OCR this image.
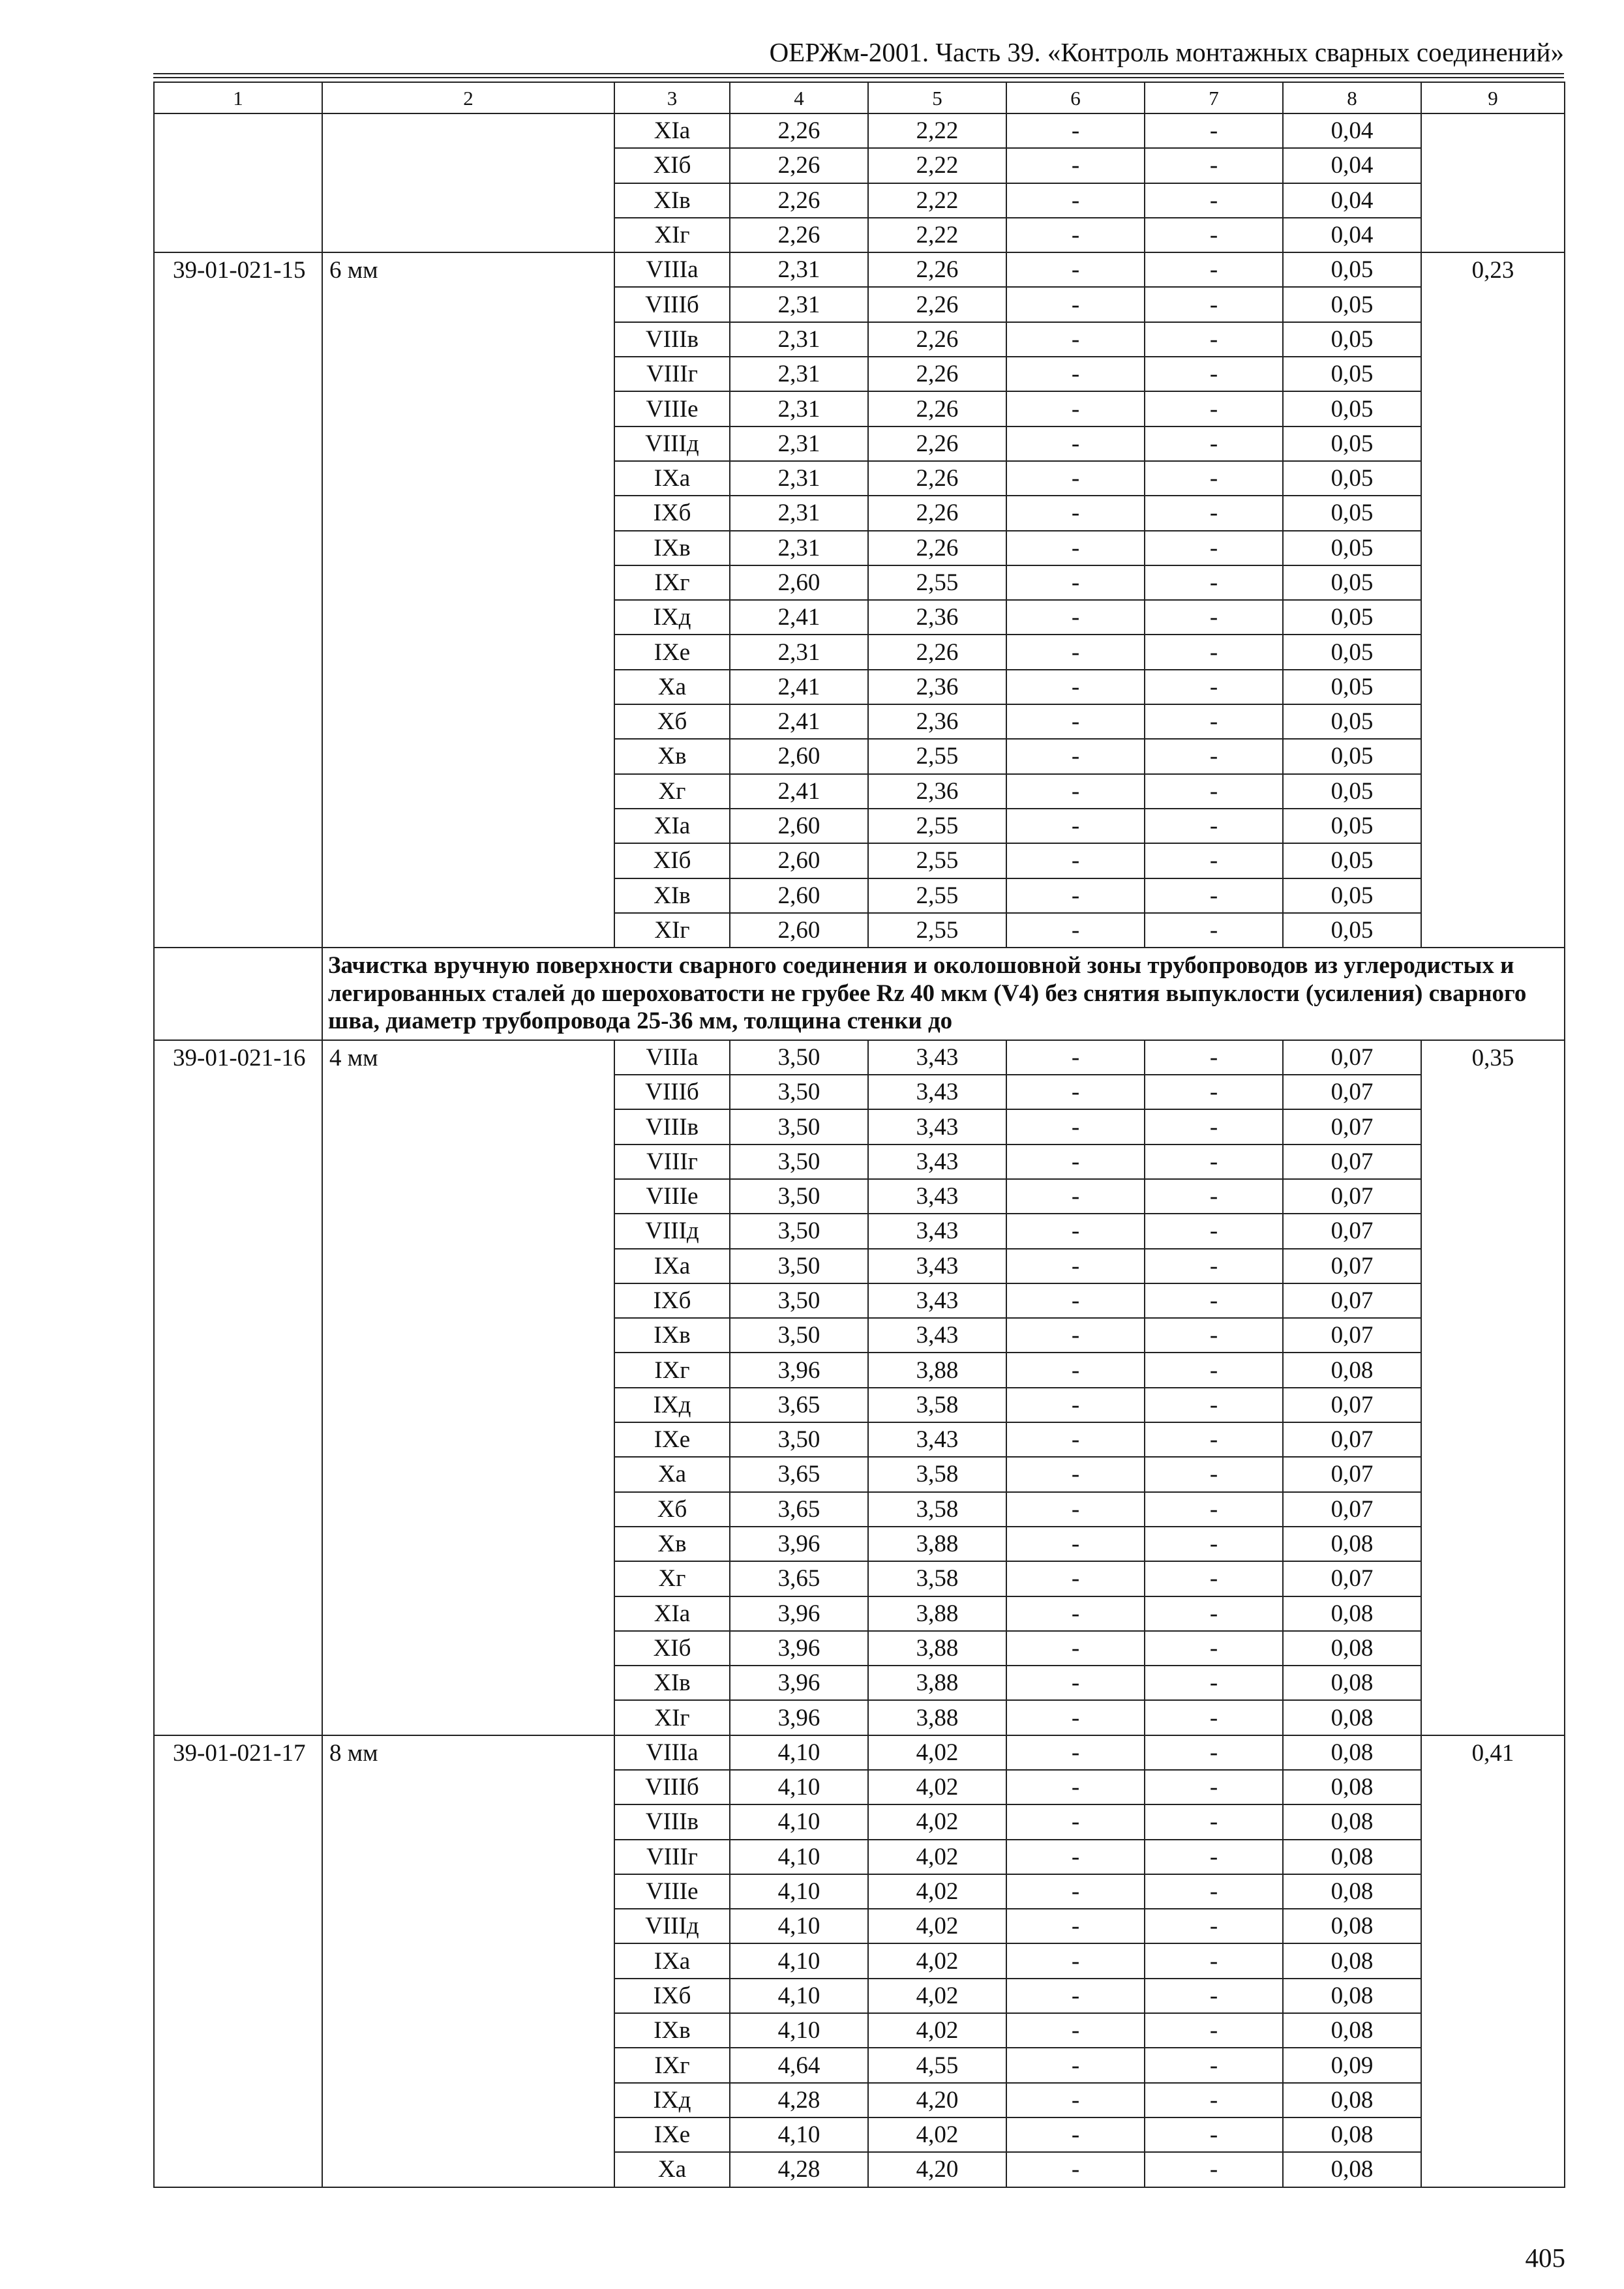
ОЕРЖм-2001. Часть 39. «Контроль монтажных сварных соединений»
1	2	3	4	5	6	7	8	9
		XIa	2,26	2,22	-	-	0,04	
		XIб	2,26	2,22	-	-	0,04	
		XIв	2,26	2,22	-	-	0,04	
		XIг	2,26	2,22	-	-	0,04	
39-01-021-15	6 мм	VIIIa	2,31	2,26	-	-	0,05	0,23
		VIIIб	2,31	2,26	-	-	0,05	
		VIIIв	2,31	2,26	-	-	0,05	
		VIIIг	2,31	2,26	-	-	0,05	
		VIIIe	2,31	2,26	-	-	0,05	
		VIIIд	2,31	2,26	-	-	0,05	
		IXa	2,31	2,26	-	-	0,05	
		IXб	2,31	2,26	-	-	0,05	
		IXв	2,31	2,26	-	-	0,05	
		IXг	2,60	2,55	-	-	0,05	
		IXд	2,41	2,36	-	-	0,05	
		IXe	2,31	2,26	-	-	0,05	
		Xa	2,41	2,36	-	-	0,05	
		Xб	2,41	2,36	-	-	0,05	
		Xв	2,60	2,55	-	-	0,05	
		Xг	2,41	2,36	-	-	0,05	
		XIa	2,60	2,55	-	-	0,05	
		XIб	2,60	2,55	-	-	0,05	
		XIв	2,60	2,55	-	-	0,05	
		XIг	2,60	2,55	-	-	0,05	
	Зачистка вручную поверхности сварного соединения и околошовной зоны трубопроводов из углеродистых и легированных сталей до шероховатости не грубее Rz 40 мкм (V4) без снятия выпуклости (усиления) сварного шва, диаметр трубопровода 25-36 мм, толщина стенки до							
39-01-021-16	4 мм	VIIIa	3,50	3,43	-	-	0,07	0,35
		VIIIб	3,50	3,43	-	-	0,07	
		VIIIв	3,50	3,43	-	-	0,07	
		VIIIг	3,50	3,43	-	-	0,07	
		VIIIe	3,50	3,43	-	-	0,07	
		VIIIд	3,50	3,43	-	-	0,07	
		IXa	3,50	3,43	-	-	0,07	
		IXб	3,50	3,43	-	-	0,07	
		IXв	3,50	3,43	-	-	0,07	
		IXг	3,96	3,88	-	-	0,08	
		IXд	3,65	3,58	-	-	0,07	
		IXe	3,50	3,43	-	-	0,07	
		Xa	3,65	3,58	-	-	0,07	
		Xб	3,65	3,58	-	-	0,07	
		Xв	3,96	3,88	-	-	0,08	
		Xг	3,65	3,58	-	-	0,07	
		XIa	3,96	3,88	-	-	0,08	
		XIб	3,96	3,88	-	-	0,08	
		XIв	3,96	3,88	-	-	0,08	
		XIг	3,96	3,88	-	-	0,08	
39-01-021-17	8 мм	VIIIa	4,10	4,02	-	-	0,08	0,41
		VIIIб	4,10	4,02	-	-	0,08	
		VIIIв	4,10	4,02	-	-	0,08	
		VIIIг	4,10	4,02	-	-	0,08	
		VIIIe	4,10	4,02	-	-	0,08	
		VIIIд	4,10	4,02	-	-	0,08	
		IXa	4,10	4,02	-	-	0,08	
		IXб	4,10	4,02	-	-	0,08	
		IXв	4,10	4,02	-	-	0,08	
		IXг	4,64	4,55	-	-	0,09	
		IXд	4,28	4,20	-	-	0,08	
		IXe	4,10	4,02	-	-	0,08	
		Xa	4,28	4,20	-	-	0,08	
405
